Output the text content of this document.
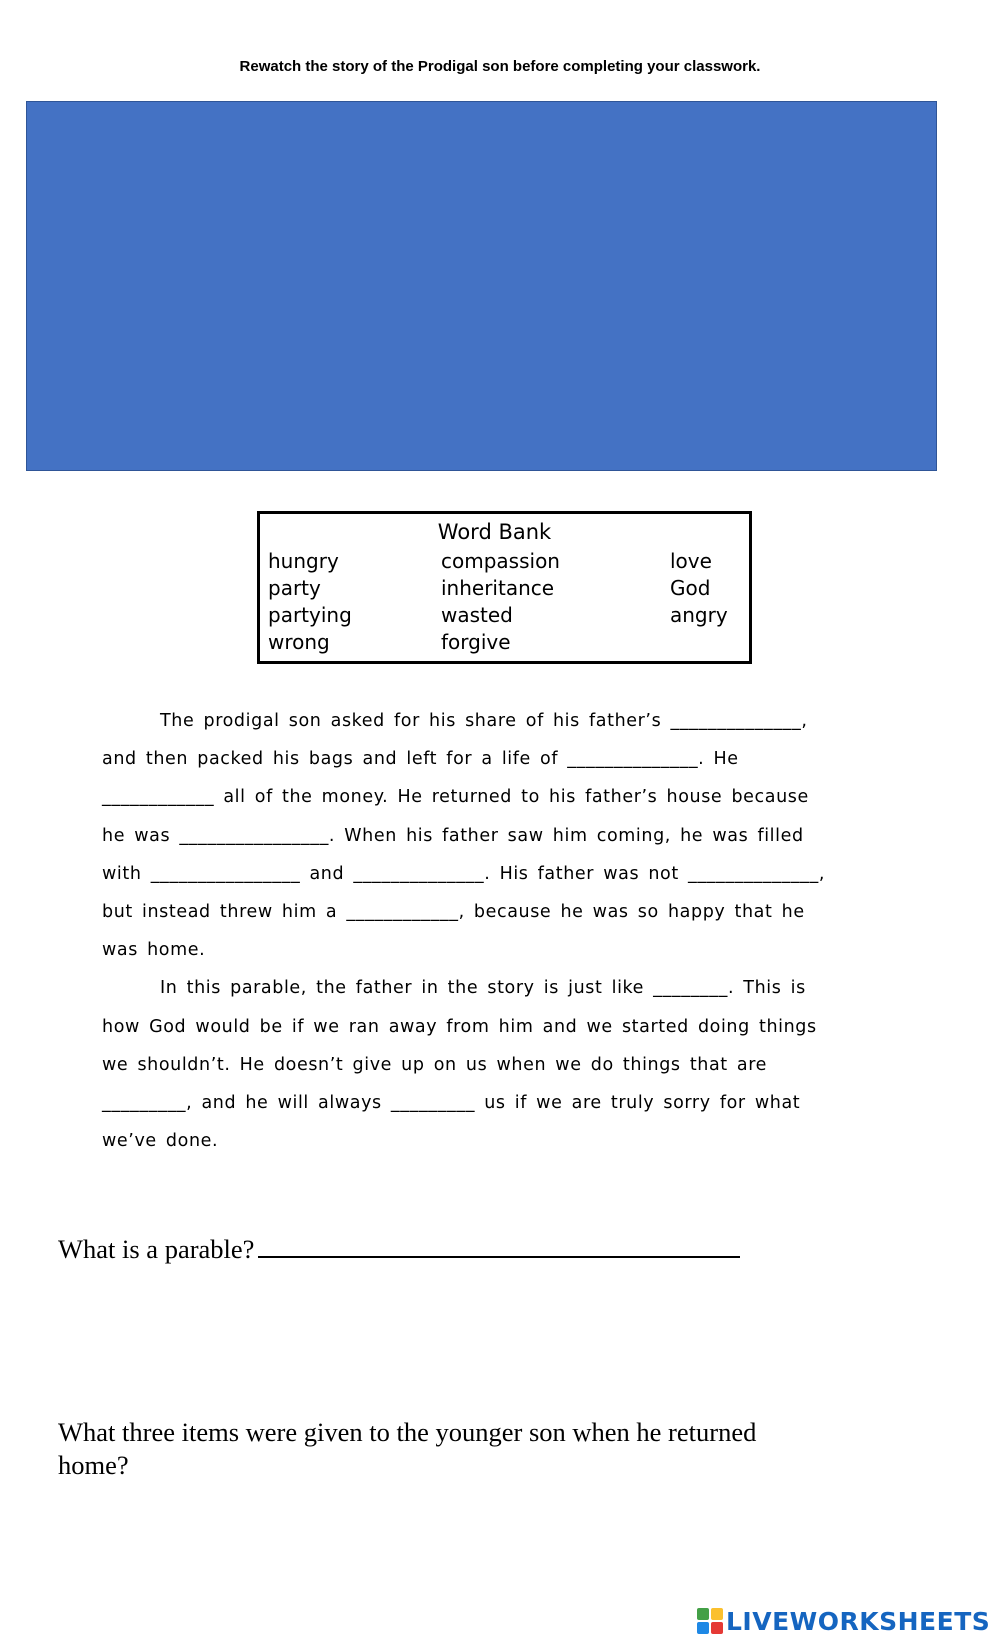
Rewatch the story of the Prodigal son before completing your classwork.
Word Bank
hungry
party
partying
wrong
compassion
inheritance
wasted
forgive
love
God
angry
The prodigal son asked for his share of his father’s ______________,
and then packed his bags and left for a life of ______________. He
____________ all of the money. He returned to his father’s house because
he was ________________. When his father saw him coming, he was filled
with ________________ and ______________. His father was not ______________,
but instead threw him a ____________, because he was so happy that he
was home.
In this parable, the father in the story is just like ________. This is
how God would be if we ran away from him and we started doing things
we shouldn’t. He doesn’t give up on us when we do things that are
_________, and he will always _________ us if we are truly sorry for what
we’ve done.
What is a parable?
What three items were given to the younger son when he returned
home?
LIVEWORKSHEETS
